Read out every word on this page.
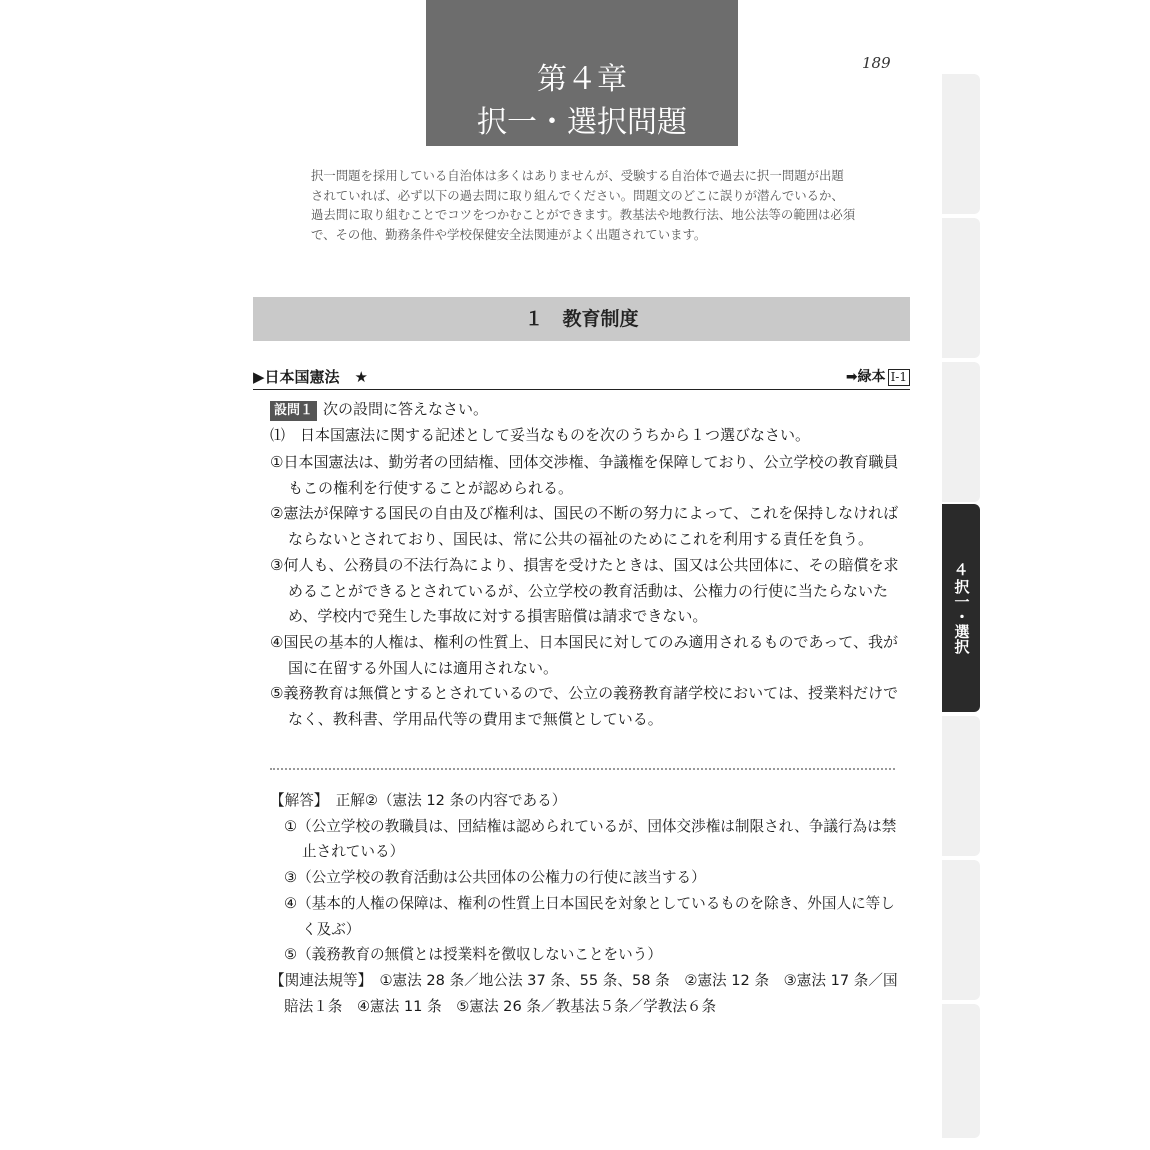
第４章
択一・選択問題
189

択一問題を採用している自治体は多くはありませんが、受験する自治体で過去に択一問題が出題されていれば、必ず以下の過去問に取り組んでください。問題文のどこに誤りが潜んでいるか、過去問に取り組むことでコツをつかむことができます。教基法や地教行法、地公法等の範囲は必須で、その他、勤務条件や学校保健安全法関連がよく出題されています。

１　教育制度
▶日本国憲法　★	➡緑本 I-1
設問１ 次の設問に答えなさい。
⑴　日本国憲法に関する記述として妥当なものを次のうちから１つ選びなさい。
①日本国憲法は、勤労者の団結権、団体交渉権、争議権を保障しており、公立学校の教育職員もこの権利を行使することが認められる。
②憲法が保障する国民の自由及び権利は、国民の不断の努力によって、これを保持しなければならないとされており、国民は、常に公共の福祉のためにこれを利用する責任を負う。
③何人も、公務員の不法行為により、損害を受けたときは、国又は公共団体に、その賠償を求めることができるとされているが、公立学校の教育活動は、公権力の行使に当たらないため、学校内で発生した事故に対する損害賠償は請求できない。
④国民の基本的人権は、権利の性質上、日本国民に対してのみ適用されるものであって、我が国に在留する外国人には適用されない。
⑤義務教育は無償とするとされているので、公立の義務教育諸学校においては、授業料だけでなく、教科書、学用品代等の費用まで無償としている。

【解答】　正解②（憲法 12 条の内容である）

①（公立学校の教職員は、団結権は認められているが、団体交渉権は制限され、争議行為は禁止されている）

③（公立学校の教育活動は公共団体の公権力の行使に該当する）

④（基本的人権の保障は、権利の性質上日本国民を対象としているものを除き、外国人に等しく及ぶ）

⑤（義務教育の無償とは授業料を徴収しないことをいう）

【関連法規等】　①憲法 28 条／地公法 37 条、55 条、58 条　②憲法 12 条　③憲法 17 条／国賠法１条　④憲法 11 条　⑤憲法 26 条／教基法５条／学教法６条

４
択一・選択
